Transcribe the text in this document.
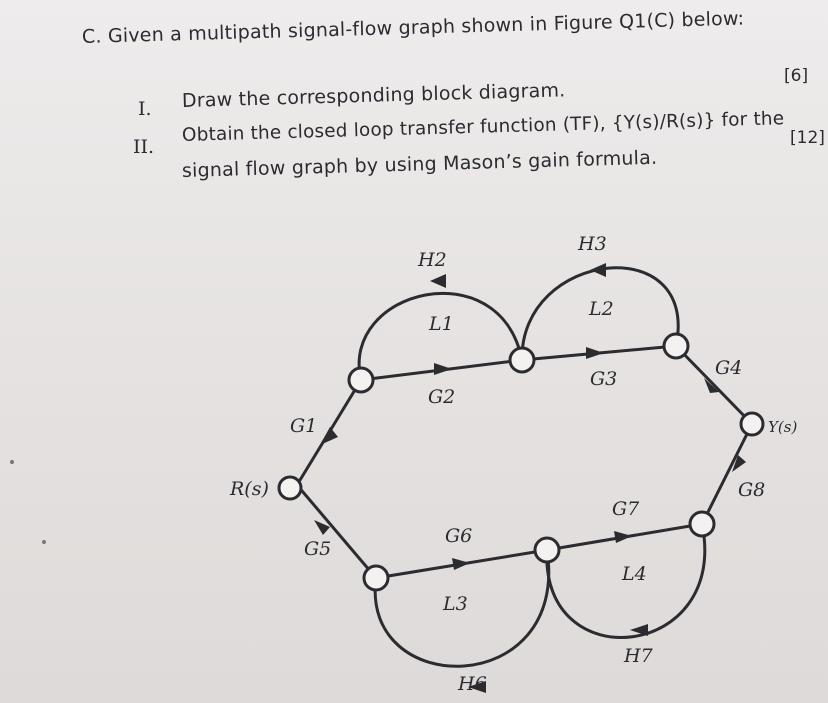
C. Given a multipath signal-flow graph shown in Figure Q1(C) below:
I. Draw the corresponding block diagram.
[6]
II.
Obtain the closed loop transfer function (TF), {Y(s)/R(s)} for the
signal flow graph by using Mason’s gain formula.
[12]
R(s)
Y(s)
G1
G2
G3	G4
G5
G6
G7
G8
H2
H3
H6
H7
L1
L2
L3
L4
